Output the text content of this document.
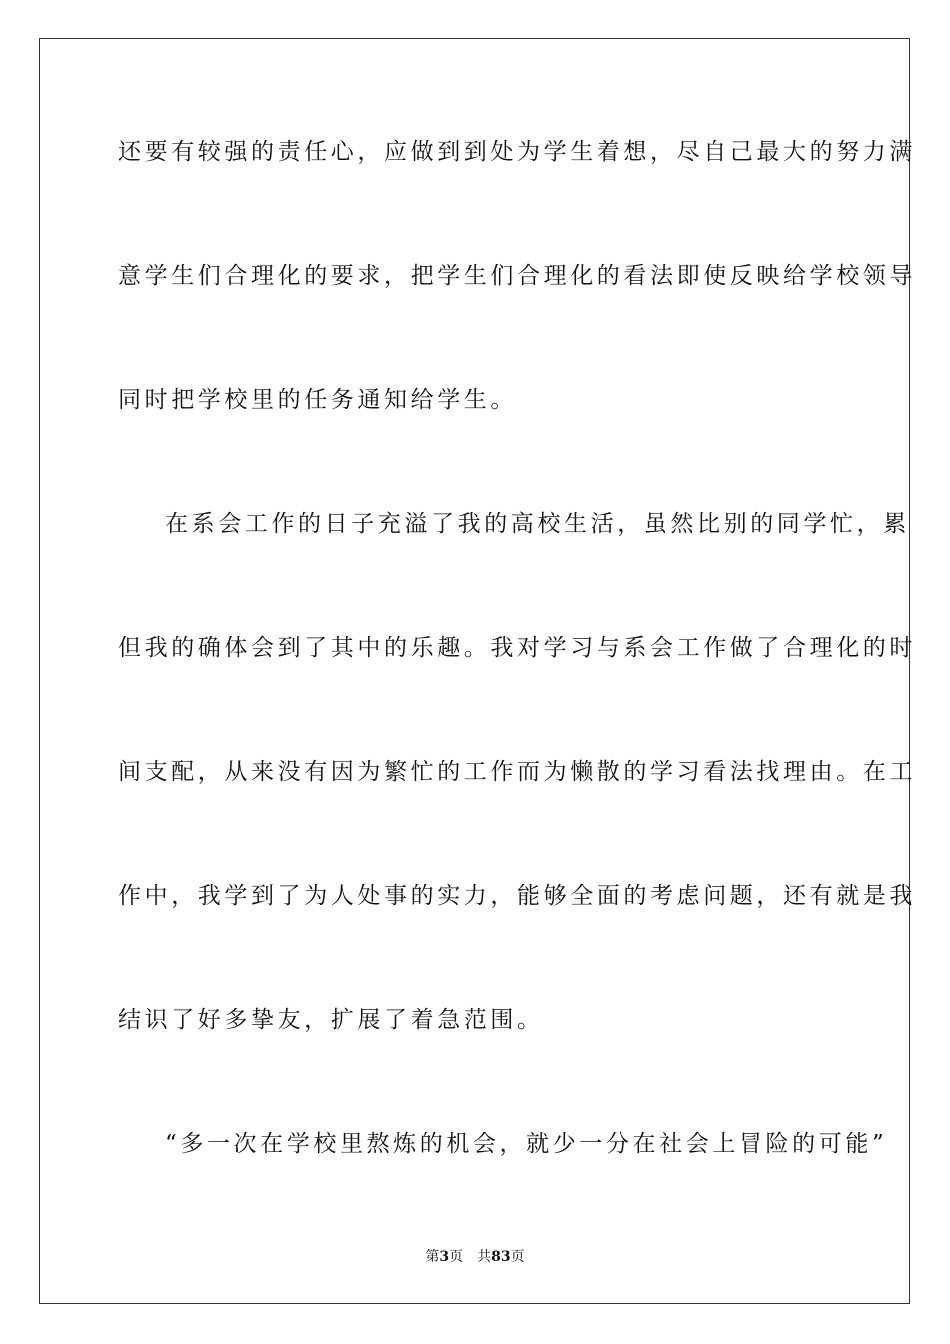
还要有较强的责任心，应做到到处为学生着想，尽自己最大的努力满
意学生们合理化的要求，把学生们合理化的看法即使反映给学校领导
同时把学校里的任务通知给学生。
在系会工作的日子充溢了我的高校生活，虽然比别的同学忙，累
但我的确体会到了其中的乐趣。我对学习与系会工作做了合理化的时
间支配，从来没有因为繁忙的工作而为懒散的学习看法找理由。在工
作中，我学到了为人处事的实力，能够全面的考虑问题，还有就是我
结识了好多挚友，扩展了着急范围。
“多一次在学校里熬炼的机会，就少一分在社会上冒险的可能”
第3页 共83页
